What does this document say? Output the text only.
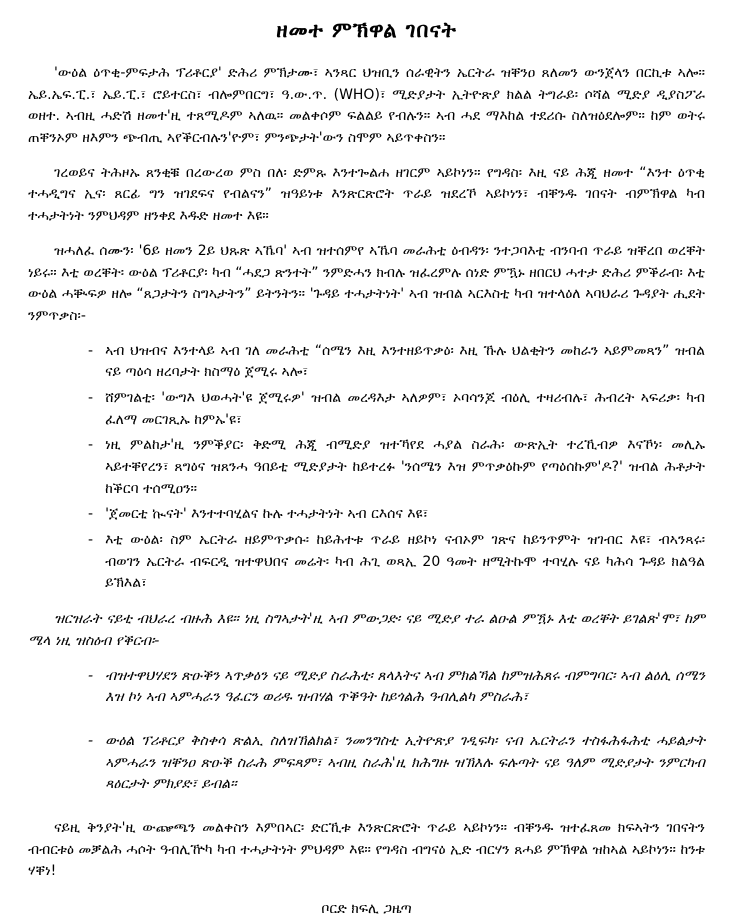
ዘመተ ምኽዋል ገበናት

'ውዕል ዕጥቂ-ምፍታሕ ፕሪቶርያ' ድሕሪ ምኽታሙ፣ ኣንጻር ህዝቢን ሰራዊትን ኤርትራ ዝቐንዐ ጸለመን ውንጀላን በርኪቱ ኣሎ። ኤይ.ኤፍ.ፒ.፣ ኤይ.ፒ.፣ ሮይተርስ፣ ብሎምበርግ፣ ዓ.ው.ጥ. (WHO)፣ ሚድያታት ኢትዮጽያ ክልል ትግራይ፡ ሶሻል ሚድያ ዲያስፖራ ወዘተ. ኣብዚ ሓድሽ ዘመተ'ዚ ተጸሚዶም ኣለዉ። መልቀሶም ፍልልይ የብሉን። ኣብ ሓደ ማእከል ተደሪሱ ስለዝዕደሎም። ከም ወትሩ ጠቐንኦም ዘእምን ጭብጢ ኣየቕርብሉን'ዮም፣ ምንጭታት'ውን ስሞም ኣይጥቀስን።

ገረወይና ትሕዞኡ ጸንቂቑ በረውረወ ምስ በለ፡ ድምጹ እንተጐልሐ ዘገርም ኣይኮነን። የግዳስ፡ እዚ ናይ ሕጂ ዘመተ “እንተ ዕጥቂ ተሓዲግና ኢና፡ ጸርፊ ግን ዝገደፍና የብልናን” ዝዓይነቱ እንጽርጽሮት ጥራይ ዝደረኾ ኣይኮነን፣ ብቐንዱ ገበናት ብምኽዋል ካብ ተሓታትነት ንምህዳም ዘንቀደ እዱድ ዘመተ እዩ።

ዝሓለፈ ሰሙን፡ '6ይ ዘመን 2ይ ህጹጽ ኣኼባ' ኣብ ዝተሰምየ ኣኼባ መራሕቲ ዕብዳን፡ ንተጋባእቲ ብንባብ ጥራይ ዝቐረበ ወረቐት ነይሩ። እቲ ወረቐት፡ ውዕል ፕሪቶርያ፡ ካብ “ሓደጋ ጽንተት” ንምድሓን ክብሉ ዝፈረምሉ ሰነድ ምዃኑ ዘበርህ ሓተታ ድሕሪ ምቕራብ፡ እቲ ውዕል ሓቚፍዎ ዘሎ “ጸጋታትን ስግኣታትን” ይትንትን። 'ጉዳይ ተሓታትነት' ኣብ ዝብል ኣርእስቲ ካብ ዝተላዕለ ኣባህራሪ ጉዳያት ሒደት ንምጥቃስ፡-

- ኣብ ህዝብና እንተላይ ኣብ ገለ መራሕቲ “ሰሜን እዚ እንተዘይጥቃዕ፡ እዚ ኹሉ ህልቂትን መከራን ኣይምመጻን” ዝብል ናይ ጣዕሳ ዘረባታት ክስማዕ ጀሚሩ ኣሎ፣
- ሸምገልቲ፡ 'ውግእ ህወሓት'ዩ ጀሚሩዎ' ዝብል መረዳእታ ኣለዎም፣ ኦባሳንጆ ብዕሊ ተዛሪብሉ፣ ሕብረት ኣፍሪቃ፡ ካብ ፈለማ መርገጺኡ ከምኡ'ዩ፣
- ነዚ ምልከታ'ዚ ንምቕያር፡ ቅድሚ ሕጂ ብሚድያ ዝተኻየደ ሓያል ስራሕ፡ ውጽኢት ተረኺብዎ እናኾነ፡ መሊኡ ኣይተቐየረን፣ ጸግዕና ዝጸንሓ ዓበይቲ ሚድያታት ከይተረፉ 'ንሰሜን እዝ ምጥቃዕኩም የጣዕሰኩም'ዶ?' ዝብል ሕቶታት ከቕርባ ተሰሚዐን።
- 'ጀመርቲ ኲናት' እንተተባሂልና ኩሉ ተሓታትነት ኣብ ርእሰና እዩ፣
- እቲ ውዕል፡ ስም ኤርትራ ዘይምጥቃሱ፡ ከይሕተቱ ጥራይ ዘይኮነ ናብኦም ገጽና ከይንጥምት ዝገብር እዩ፣ ብኣንጻሩ፡ ብወገን ኤርትራ ብፍርዲ ዝተዋህበና መሬት፡ ካብ ሕጊ ወጻኢ 20 ዓመት ዘሚትኩሞ ተባሂሉ ናይ ካሕሳ ጉዳይ ክልዓል ይኽእል፣

ዝርዝራት ናይቲ ብህራረ ብዙሕ እዩ። ነዚ ስግኣታት'ዚ ኣብ ምውጋድ፡ ናይ ሚድያ ተራ ልዑል ምዃኑ እቲ ወረቐት ይገልጽ'ሞ፣ ከም ሜላ ነዚ ዝስዕብ የቕርብ፡-

- ብዝተዋህሃደን ጽዑቕን ኣጥቃዕን ናይ ሚድያ ስራሕቲ፡ ጸላእትና ኣብ ምክልኻል ከምዝሕጸሩ ብምግባር፡ ኣብ ልዕሊ ሰሜን እዝ ኮነ ኣብ ኣምሓራን ዓፈርን ወሪዱ ዝብሃል ጥቕዓት ከይጎልሕ ዓብሊልካ ምስራሕ፣
- ውዕል ፕሪቶርያ ቅስቀሳ ጽልኢ ስለዝኽልክል፣ ንመንግስቲ ኢትዮጽያ ገዲፍካ፡ ናብ ኤርትራን ተስፋሕፋሕቲ ሓይልታት ኣምሓራን ዝቐንዐ ጽዑቕ ስራሕ ምፍጻም፣ ኣብዚ ስራሕ'ዚ ክሕግዙ ዝኽእሉ ፍሉጣት ናይ ዓለም ሚድያታት ንምርካብ ጻዕርታት ምክያድ፣ ይብል።

ናይዚ ቅንያት'ዚ ውጬጫን መልቀስን እምበኣር፡ ድርኺቱ እንጽርጽሮት ጥራይ ኣይኮነን። ብቐንዱ ዝተፈጸመ ክፍኣትን ገበናትን ብብርቱዕ መቓልሕ ሓሶት ዓብሊዅካ ካብ ተሓታትነት ምህዳም እዩ። የግዳስ ብግናዕ ኢድ ብርሃን ጸሓይ ምኽዋል ዝከኣል ኣይኮነን። ከንቱ ሃቐነ!

ቦርድ ክፍሊ ጋዜጣ
